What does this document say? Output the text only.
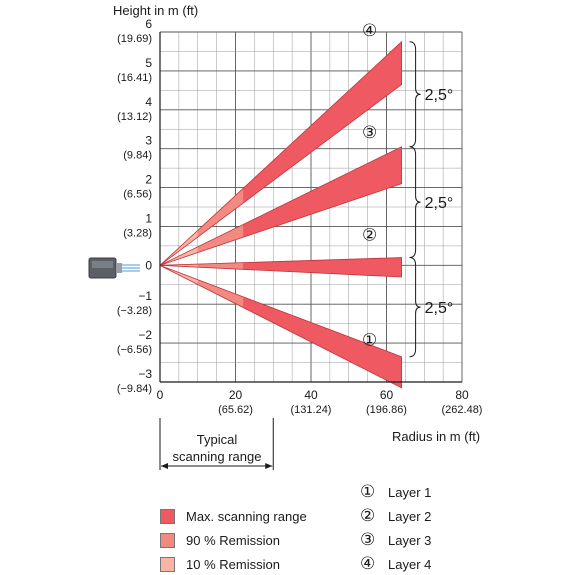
6
(19.69)
5
(16.41)
4
(13.12)
3
(9.84)
2
(6.56)
1
(3.28)
0
−1
(−3.28)
−2
(−6.56)
−3
(−9.84) 0	20
(65.62)
40
(131.24)
60
(196.86)
80
(262.48)
①
②
③
④
2,5°
2,5°
2,5°
Height in m (ft)
Radius in m (ft)
Typical
scanning range
Max. scanning range
90 % Remission
10 % Remission
① Layer 1
② Layer 2
③ Layer 3
④ Layer 4
